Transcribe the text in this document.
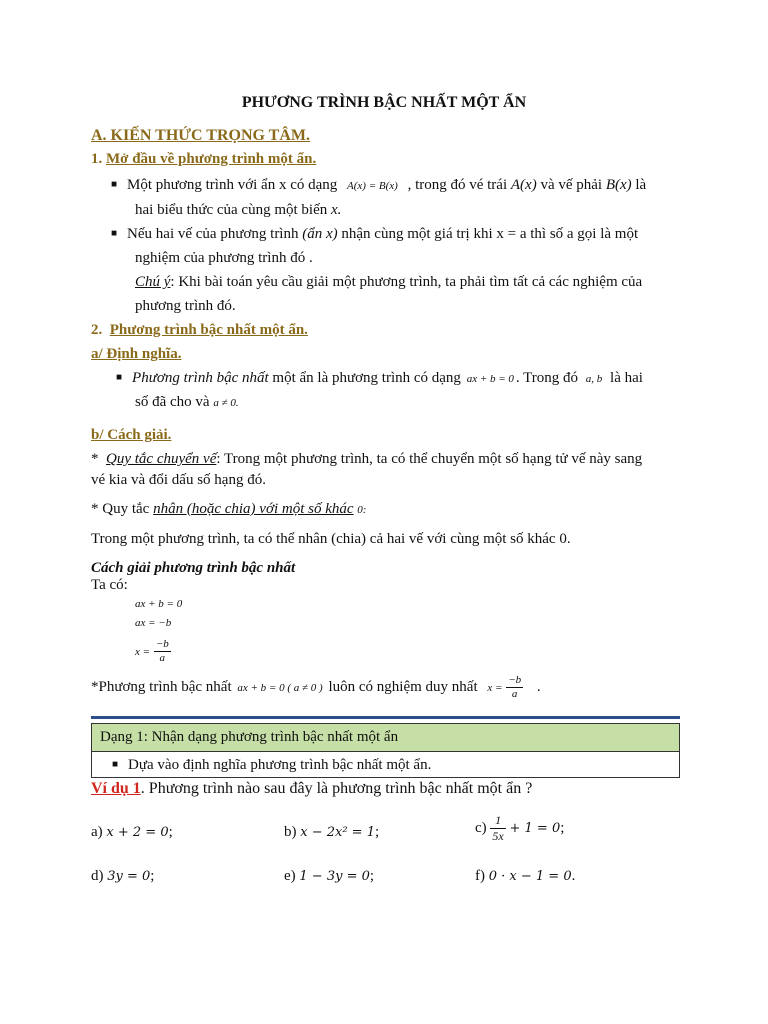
PHƯƠNG TRÌNH BẬC NHẤT MỘT ẨN
A. KIẾN THỨC TRỌNG TÂM.
1. Mở đầu về phương trình một ẩn.
■ Một phương trình với ẩn x có dạng A(x) = B(x) , trong đó vé trái A(x) và vế phải B(x) là
hai biểu thức của cùng một biến x.
■ Nếu hai vế của phương trình (ẩn x) nhận cùng một giá trị khi x = a thì số a gọi là một
nghiệm của phương trình đó .
Chú ý: Khi bài toán yêu cầu giải một phương trình, ta phải tìm tất cả các nghiệm của
phương trình đó.
2. Phương trình bậc nhất một ẩn.
a/ Định nghĩa.
■ Phương trình bậc nhất một ẩn là phương trình có dạng ax + b = 0 . Trong đó a, b là hai
số đã cho và a ≠ 0.
b/ Cách giải.
* Quy tắc chuyển vế: Trong một phương trình, ta có thể chuyển một số hạng tử vế này sang
vé kia và đổi dấu số hạng đó.
* Quy tắc nhân (hoặc chia) với một số khác 0:
Trong một phương trình, ta có thể nhân (chia) cả hai vế với cùng một số khác 0.
Cách giải phương trình bậc nhất
Ta có:
ax + b = 0
ax = −b
$x = \frac{-b}{a}$
*Phương trình bậc nhất ax + b = 0 ( a ≠ 0 ) luôn có nghiệm duy nhất $x = \frac{-b}{a}$ .
Dạng 1: Nhận dạng phương trình bậc nhất một ẩn
■ Dựa vào định nghĩa phương trình bậc nhất một ẩn.
Ví dụ 1. Phương trình nào sau đây là phương trình bậc nhất một ẩn ?
a) x + 2 = 0;	b) x − 2x² = 1;	$c) \frac{1}{5x} + 1 = 0$;
d) 3y = 0;	e) 1 − 3y = 0;	f) 0 · x − 1 = 0.
